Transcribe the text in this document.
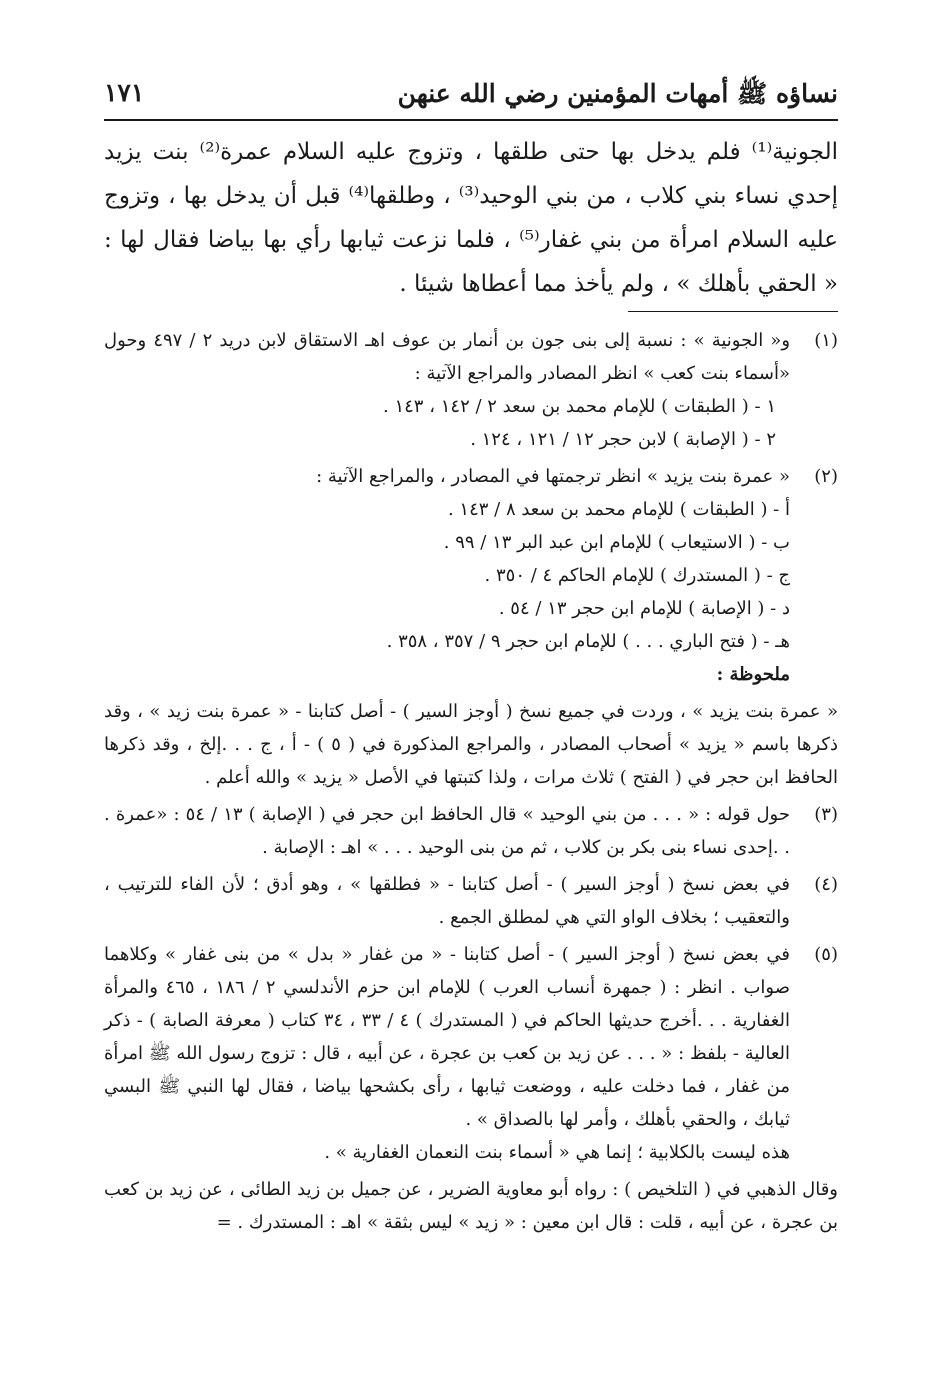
نساؤه ﷺ أمهات المؤمنين رضي الله عنهن
١٧١

الجونية⁽¹⁾ فلم يدخل بها حتى طلقها ، وتزوج عليه السلام عمرة⁽²⁾ بنت يزيد إحدي نساء بني كلاب ، من بني الوحيد⁽³⁾ ، وطلقها⁽⁴⁾ قبل أن يدخل بها ، وتزوج عليه السلام امرأة من بني غفار⁽⁵⁾ ، فلما نزعت ثيابها رأي بها بياضا فقال لها : « الحقي بأهلك » ، ولم يأخذ مما أعطاها شيئا .

(١)

و« الجونية » : نسبة إلى بنى جون بن أنمار بن عوف اهـ الاستقاق لابن دريد ٢ / ٤٩٧ وحول «أسماء بنت كعب » انظر المصادر والمراجع الآتية :

١ - ( الطبقات ) للإمام محمد بن سعد ٢ / ١٤٢ ، ١٤٣ .

٢ - ( الإصابة ) لابن حجر ١٢ / ١٢١ ، ١٢٤ .

(٢)

« عمرة بنت يزيد » انظر ترجمتها في المصادر ، والمراجع الآتية :

أ - ( الطبقات ) للإمام محمد بن سعد ٨ / ١٤٣ .

ب - ( الاستيعاب ) للإمام ابن عبد البر ١٣ / ٩٩ .

ج - ( المستدرك ) للإمام الحاكم ٤ / ٣٥٠ .

د - ( الإصابة ) للإمام ابن حجر ١٣ / ٥٤ .

هـ - ( فتح الباري . . . ) للإمام ابن حجر ٩ / ٣٥٧ ، ٣٥٨ .

ملحوظة :

« عمرة بنت يزيد » ، وردت في جميع نسخ ( أوجز السير ) - أصل كتابنا - « عمرة بنت زيد » ، وقد ذكرها باسم « يزيد » أصحاب المصادر ، والمراجع المذكورة في ( ٥ ) - أ ، ج . . .إلخ ، وقد ذكرها الحافظ ابن حجر في ( الفتح ) ثلاث مرات ، ولذا كتبتها في الأصل « يزيد » والله أعلم .

(٣)

حول قوله : « . . . من بني الوحيد » قال الحافظ ابن حجر في ( الإصابة ) ١٣ / ٥٤ : «عمرة . . .إحدى نساء بنى بكر بن كلاب ، ثم من بنى الوحيد . . . » اهـ : الإصابة .

(٤)

في بعض نسخ ( أوجز السير ) - أصل كتابنا - « فطلقها » ، وهو أدق ؛ لأن الفاء للترتيب ، والتعقيب ؛ بخلاف الواو التي هي لمطلق الجمع .

(٥)

في بعض نسخ ( أوجز السير ) - أصل كتابنا - « من غفار « بدل » من بنى غفار » وكلاهما صواب . انظر : ( جمهرة أنساب العرب ) للإمام ابن حزم الأندلسي ٢ / ١٨٦ ، ٤٦٥ والمرأة الغفارية . . .أخرج حديثها الحاكم في ( المستدرك ) ٤ / ٣٣ ، ٣٤ كتاب ( معرفة الصابة ) - ذكر العالية - بلفظ : « . . . عن زيد بن كعب بن عجرة ، عن أبيه ، قال : تزوج رسول الله ﷺ امرأة من غفار ، فما دخلت عليه ، ووضعت ثيابها ، رأى بكشحها بياضا ، فقال لها النبي ﷺ البسي ثيابك ، والحقي بأهلك ، وأمر لها بالصداق » .

هذه ليست بالكلابية ؛ إنما هي « أسماء بنت النعمان الغفارية » .

وقال الذهبي في ( التلخيص ) : رواه أبو معاوية الضرير ، عن جميل بن زيد الطائى ، عن زيد بن كعب بن عجرة ، عن أبيه ، قلت : قال ابن معين : « زيد » ليس بثقة » اهـ : المستدرك . =
